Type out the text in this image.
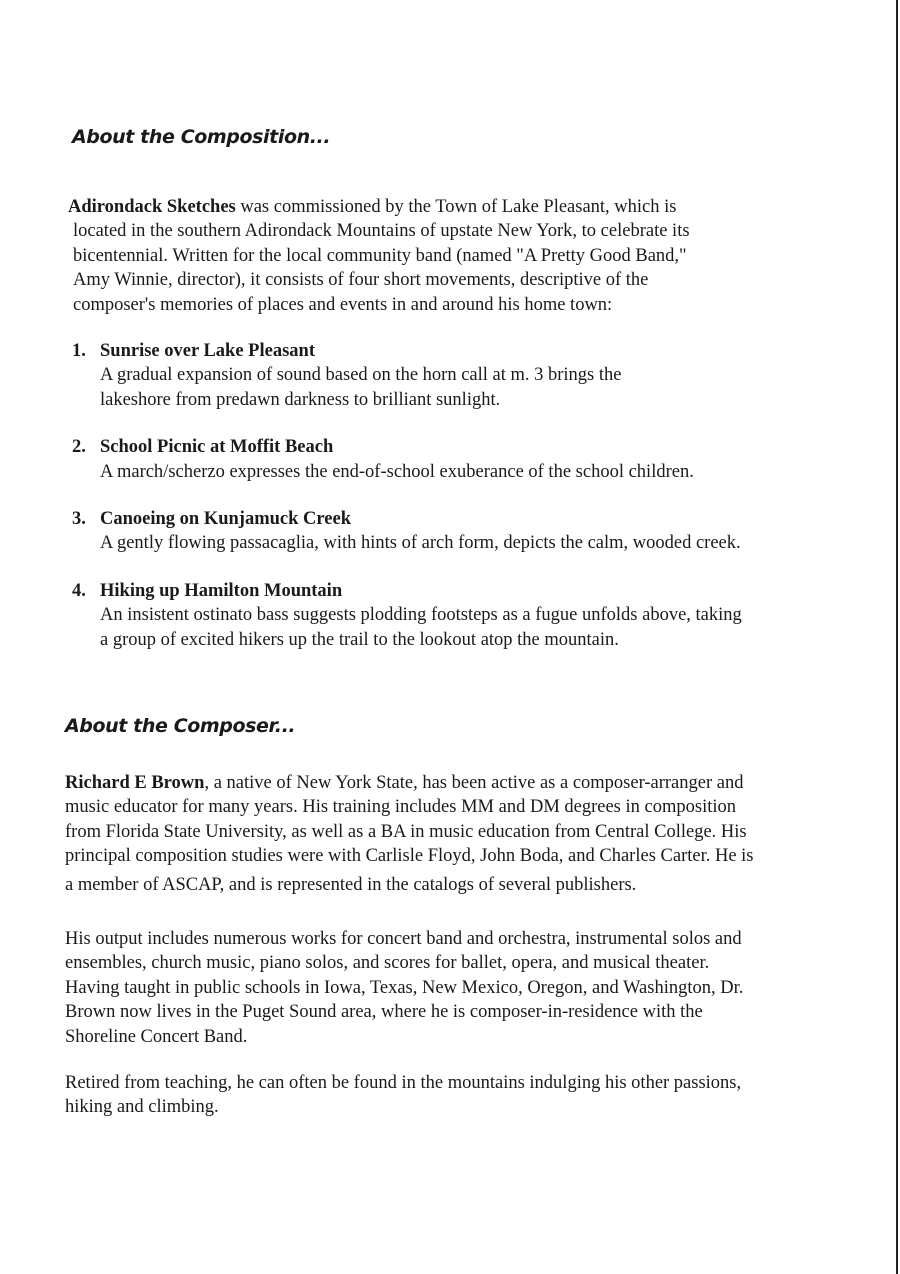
About the Composition...
Adirondack Sketches was commissioned by the Town of Lake Pleasant, which is
located in the southern Adirondack Mountains of upstate New York, to celebrate its
bicentennial. Written for the local community band (named "A Pretty Good Band,"
Amy Winnie, director), it consists of four short movements, descriptive of the
composer's memories of places and events in and around his home town:
1. Sunrise over Lake Pleasant
A gradual expansion of sound based on the horn call at m. 3 brings the
lakeshore from predawn darkness to brilliant sunlight.
2. School Picnic at Moffit Beach
A march/scherzo expresses the end-of-school exuberance of the school children.
3. Canoeing on Kunjamuck Creek
A gently flowing passacaglia, with hints of arch form, depicts the calm, wooded creek.
4. Hiking up Hamilton Mountain
An insistent ostinato bass suggests plodding footsteps as a fugue unfolds above, taking
a group of excited hikers up the trail to the lookout atop the mountain.
About the Composer...
Richard E Brown, a native of New York State, has been active as a composer-arranger and
music educator for many years. His training includes MM and DM degrees in composition
from Florida State University, as well as a BA in music education from Central College. His
principal composition studies were with Carlisle Floyd, John Boda, and Charles Carter. He is
a member of ASCAP, and is represented in the catalogs of several publishers.
His output includes numerous works for concert band and orchestra, instrumental solos and
ensembles, church music, piano solos, and scores for ballet, opera, and musical theater.
Having taught in public schools in Iowa, Texas, New Mexico, Oregon, and Washington, Dr.
Brown now lives in the Puget Sound area, where he is composer-in-residence with the
Shoreline Concert Band.
Retired from teaching, he can often be found in the mountains indulging his other passions,
hiking and climbing.
